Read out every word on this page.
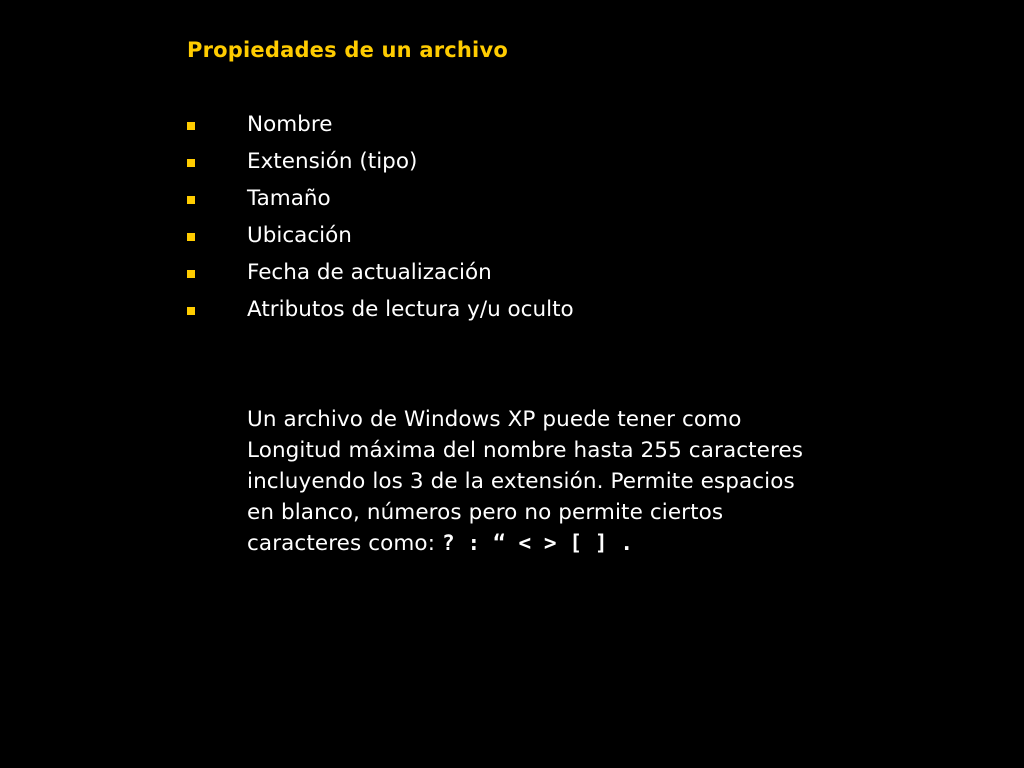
Propiedades de un archivo
Nombre
Extensión (tipo)
Tamaño
Ubicación
Fecha de actualización
Atributos de lectura y/u oculto
Un archivo de Windows XP puede tener como
Longitud máxima del nombre hasta 255 caracteres
incluyendo los 3 de la extensión. Permite espacios
en blanco, números pero no permite ciertos
caracteres como: ? : “ < > [ ] .
